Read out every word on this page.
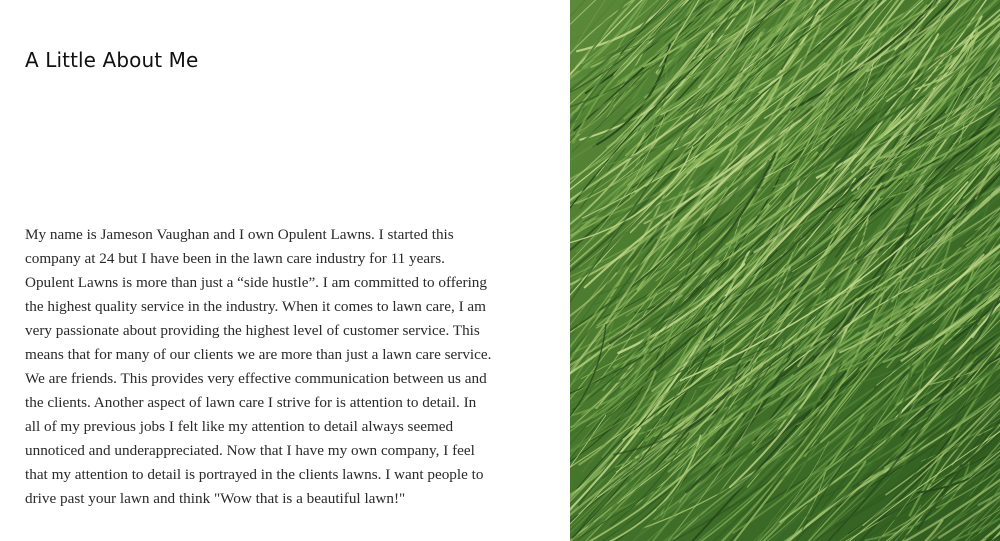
A Little About Me

My name is Jameson Vaughan and I own Opulent Lawns. I started this company at 24 but I have been in the lawn care industry for 11 years. Opulent Lawns is more than just a “side hustle”. I am committed to offering the highest quality service in the industry. When it comes to lawn care, I am very passionate about providing the highest level of customer service. This means that for many of our clients we are more than just a lawn care service. We are friends. This provides very effective communication between us and the clients. Another aspect of lawn care I strive for is attention to detail. In all of my previous jobs I felt like my attention to detail always seemed unnoticed and underappreciated. Now that I have my own company, I feel that my attention to detail is portrayed in the clients lawns. I want people to drive past your lawn and think "Wow that is a beautiful lawn!"
